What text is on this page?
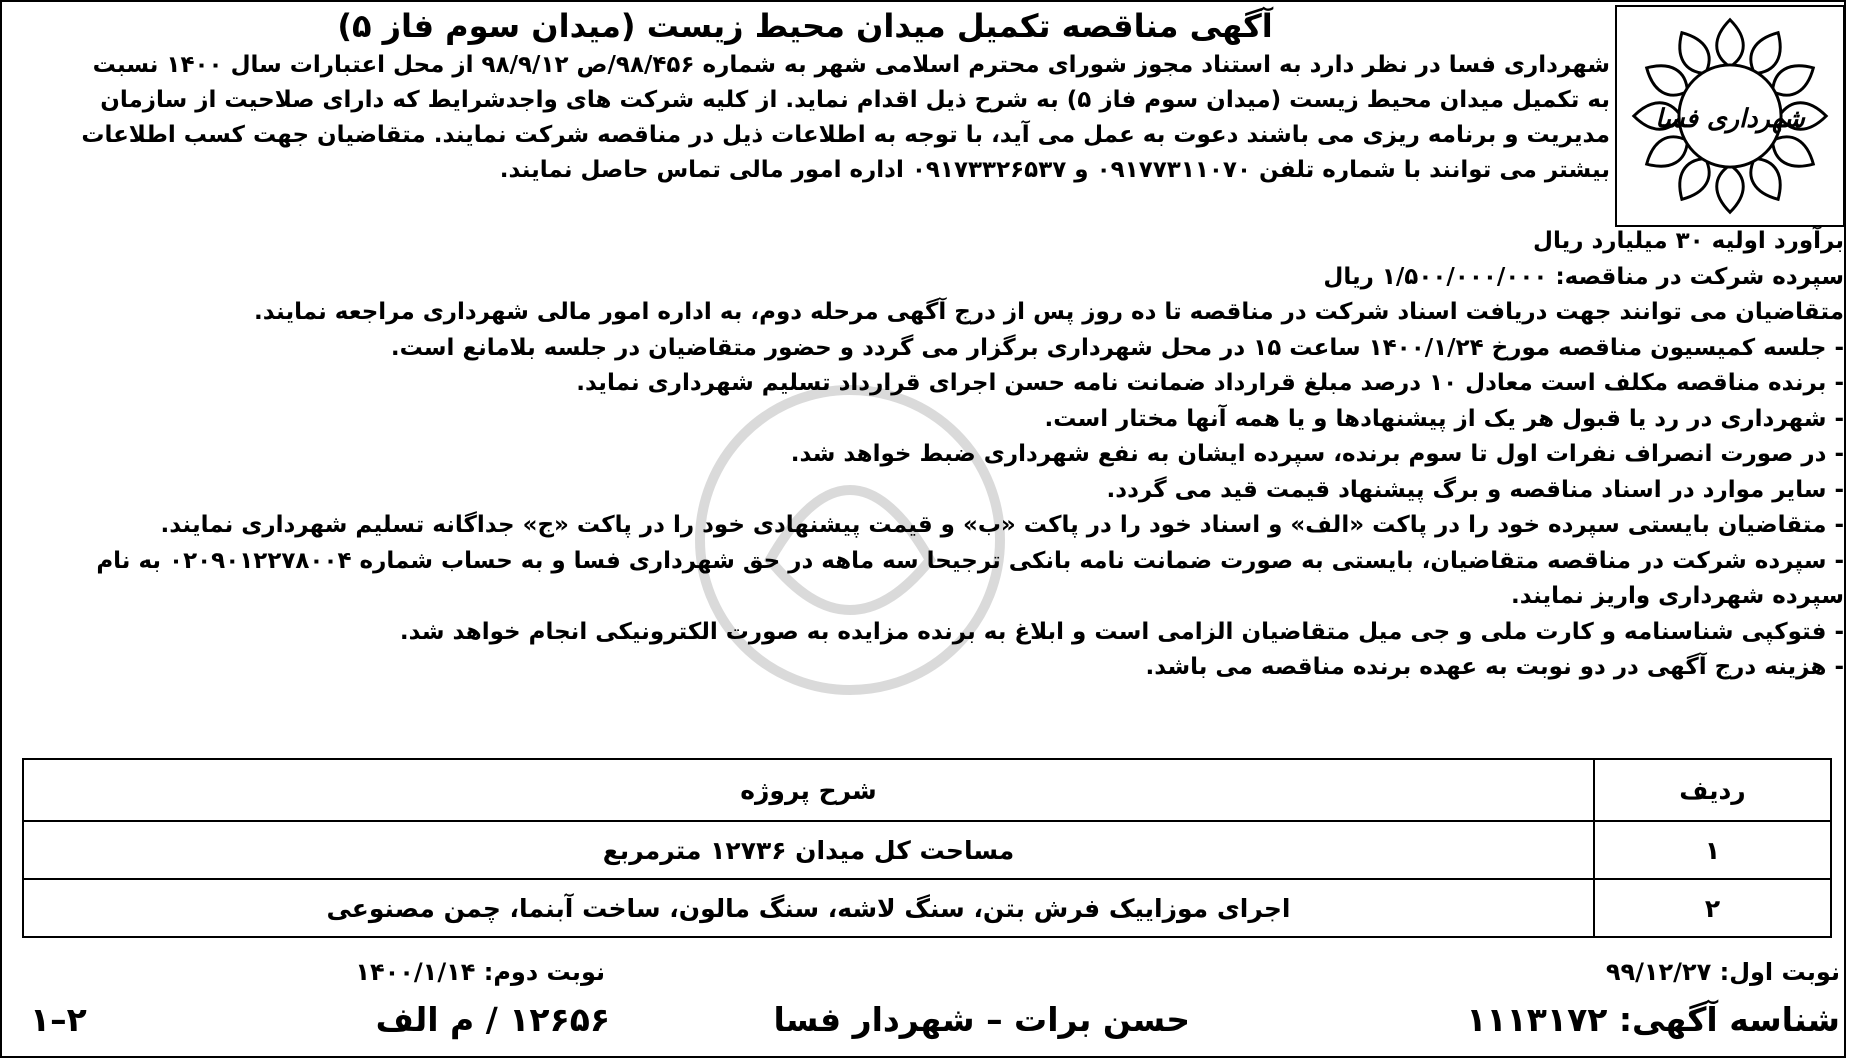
شهرداری فسا
آگهی مناقصه تکمیل میدان محیط زیست (میدان سوم فاز ۵)

شهرداری فسا در نظر دارد به استناد مجوز شورای محترم اسلامی شهر به شماره ۹۸/۴۵۶/ص ۹۸/۹/۱۲ از محل اعتبارات سال ۱۴۰۰ نسبت

به تکمیل میدان محیط زیست (میدان سوم فاز ۵) به شرح ذیل اقدام نماید. از کلیه شرکت های واجدشرایط که دارای صلاحیت از سازمان

مدیریت و برنامه ریزی می باشند دعوت به عمل می آید، با توجه به اطلاعات ذیل در مناقصه شرکت نمایند. متقاضیان جهت کسب اطلاعات

بیشتر می توانند با شماره تلفن ۰۹۱۷۷۳۱۱۰۷۰ و ۰۹۱۷۳۳۲۶۵۳۷ اداره امور مالی تماس حاصل نمایند.

برآورد اولیه ۳۰ میلیارد ریال

سپرده شرکت در مناقصه: ۱/۵۰۰/۰۰۰/۰۰۰ ریال

متقاضیان می توانند جهت دریافت اسناد شرکت در مناقصه تا ده روز پس از درج آگهی مرحله دوم، به اداره امور مالی شهرداری مراجعه نمایند.

- جلسه کمیسیون مناقصه مورخ ۱۴۰۰/۱/۲۴ ساعت ۱۵ در محل شهرداری برگزار می گردد و حضور متقاضیان در جلسه بلامانع است.

- برنده مناقصه مکلف است معادل ۱۰ درصد مبلغ قرارداد ضمانت نامه حسن اجرای قرارداد تسلیم شهرداری نماید.

- شهرداری در رد یا قبول هر یک از پیشنهادها و یا همه آنها مختار است.

- در صورت انصراف نفرات اول تا سوم برنده، سپرده ایشان به نفع شهرداری ضبط خواهد شد.

- سایر موارد در اسناد مناقصه و برگ پیشنهاد قیمت قید می گردد.

- متقاضیان بایستی سپرده خود را در پاکت «الف» و اسناد خود را در پاکت «ب» و قیمت پیشنهادی خود را در پاکت «ج» جداگانه تسلیم شهرداری نمایند.

- سپرده شرکت در مناقصه متقاضیان، بایستی به صورت ضمانت نامه بانکی ترجیحا سه ماهه در حق شهرداری فسا و به حساب شماره ۰۲۰۹۰۱۲۲۷۸۰۰۴ به نام

سپرده شهرداری واریز نمایند.

- فتوکپی شناسنامه و کارت ملی و جی میل متقاضیان الزامی است و ابلاغ به برنده مزایده به صورت الکترونیکی انجام خواهد شد.

- هزینه درج آگهی در دو نوبت به عهده برنده مناقصه می باشد.

ردیف	شرح پروژه
۱	مساحت کل میدان ۱۲۷۳۶ مترمربع
۲	اجرای موزاییک فرش بتن، سنگ لاشه، سنگ مالون، ساخت آبنما، چمن مصنوعی
نوبت اول: ۹۹/۱۲/۲۷
نوبت دوم: ۱۴۰۰/۱/۱۴
شناسه آگهی: ۱۱۱۳۱۷۲
حسن برات – شهردار فسا
۱۲۶۵۶ / م الف
۲–۱
